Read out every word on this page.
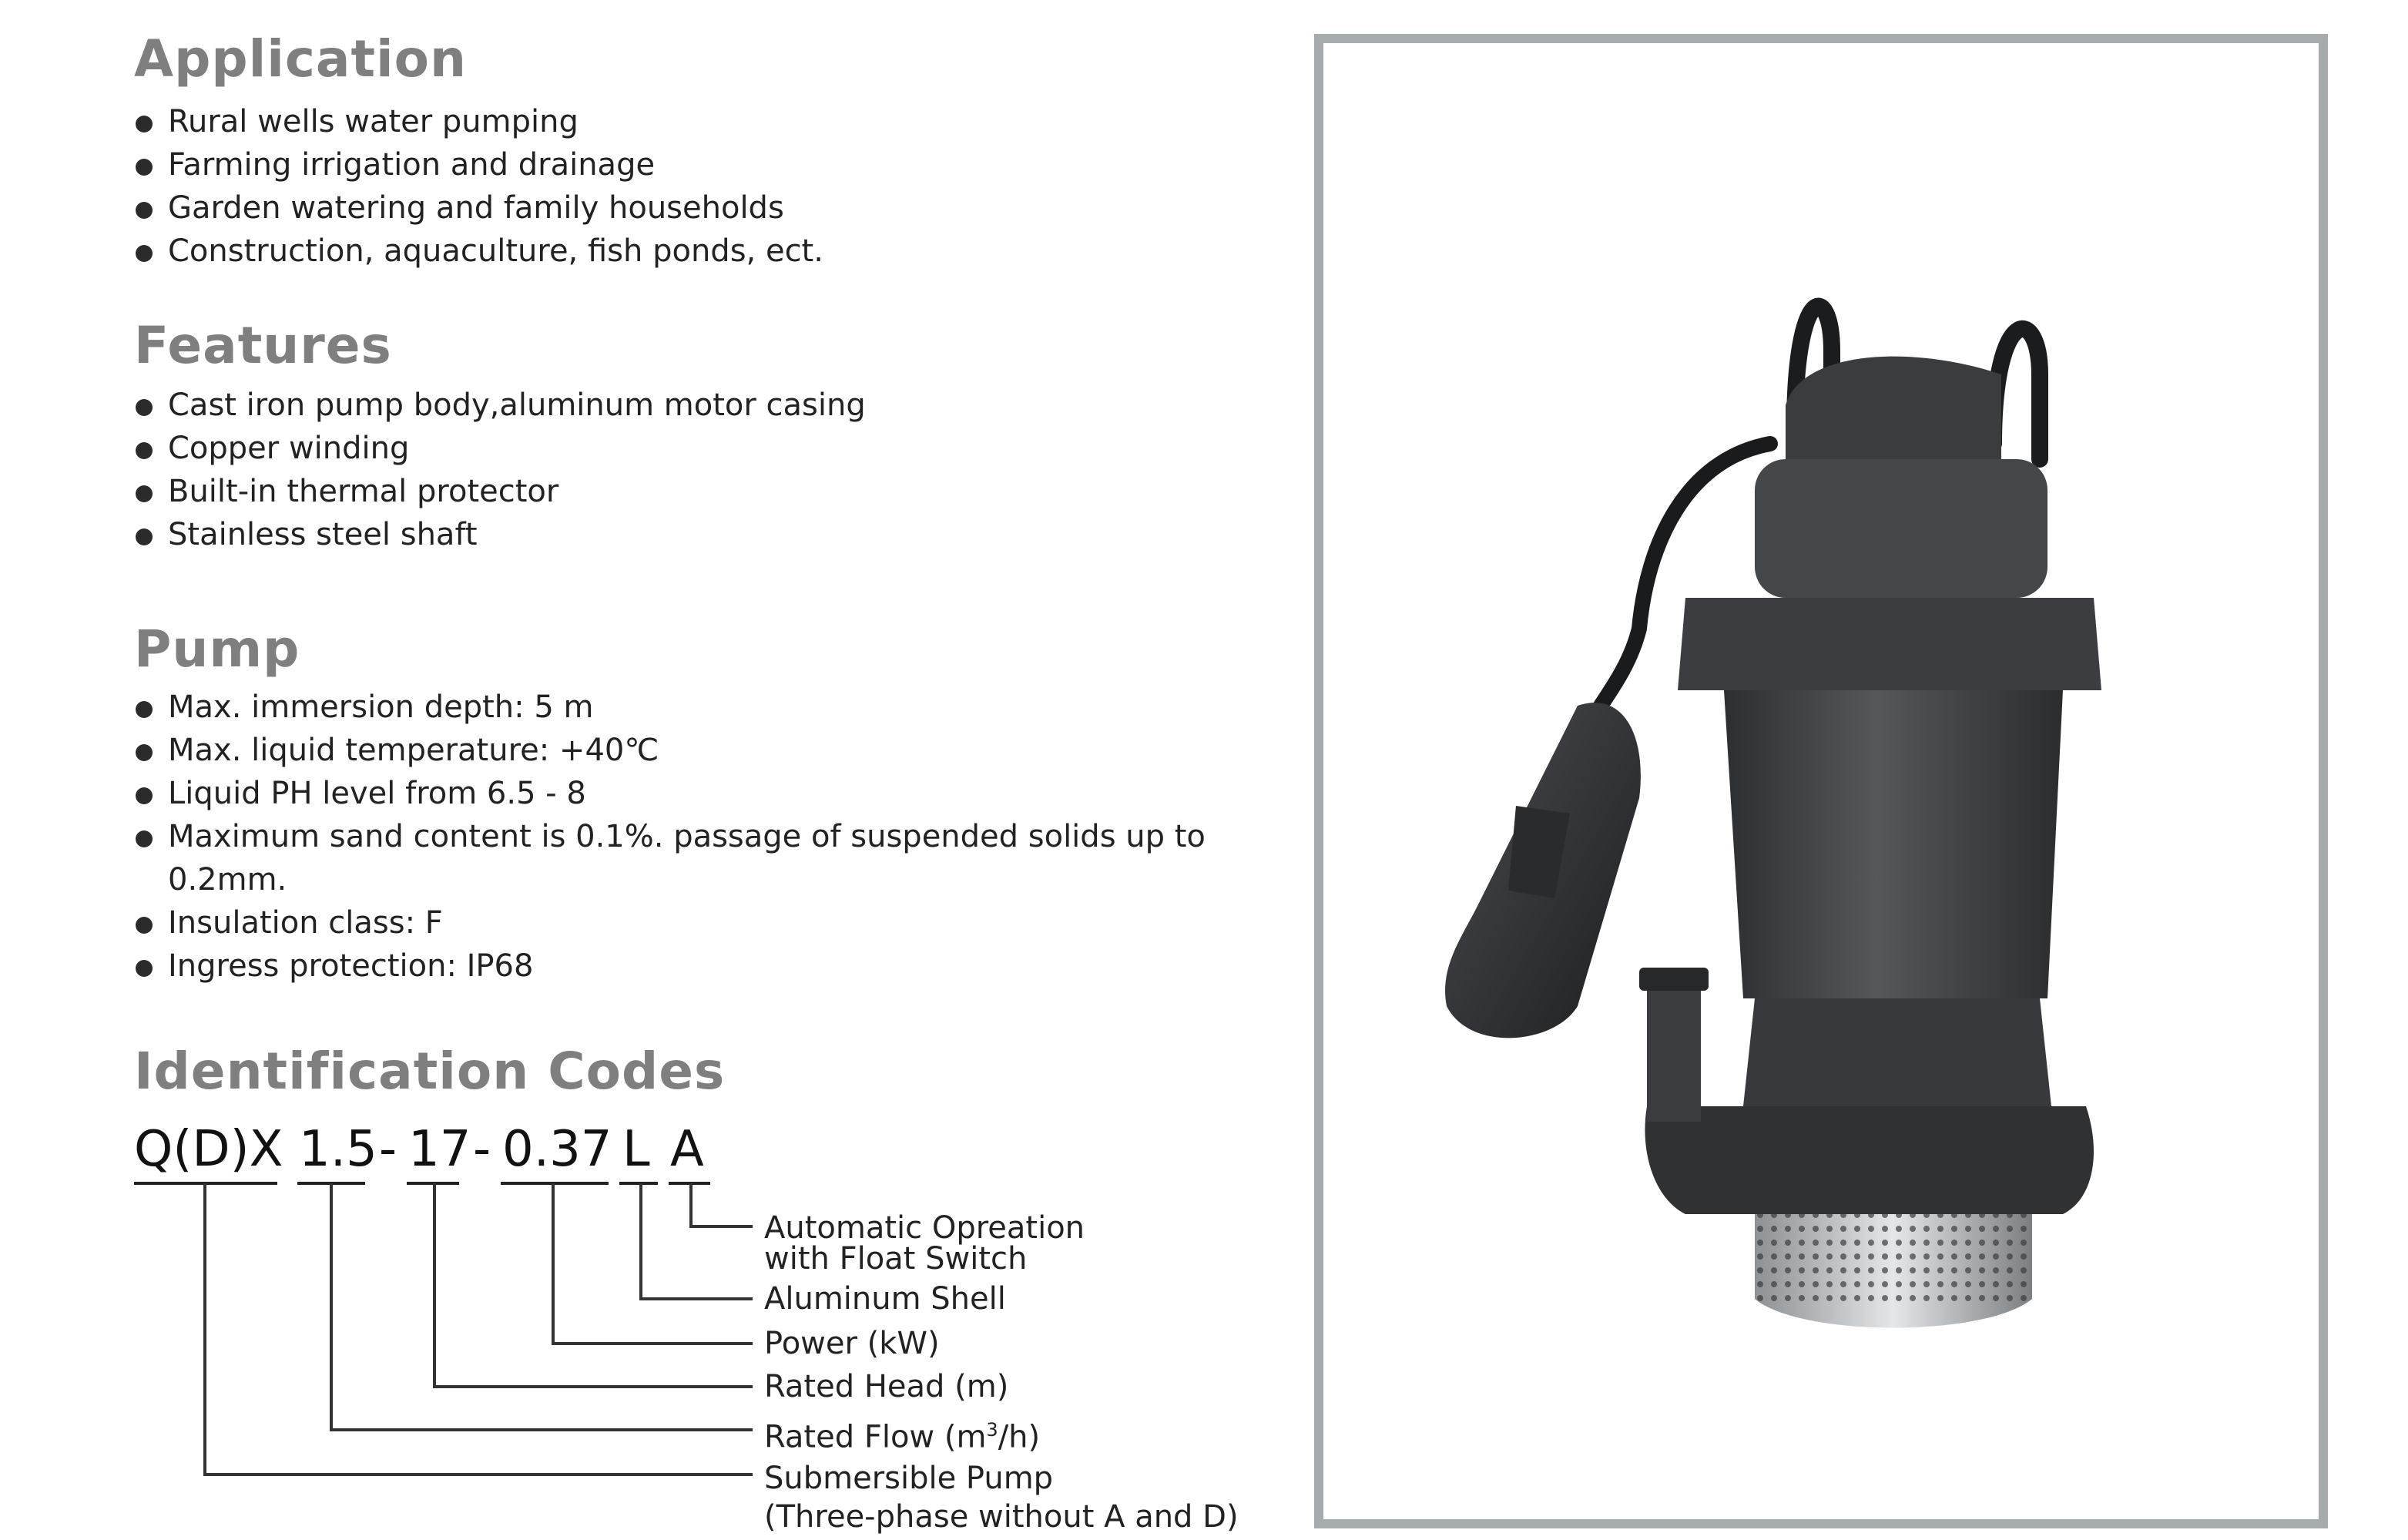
Application
Rural wells water pumping
Farming irrigation and drainage
Garden watering and family households
Construction, aquaculture, fish ponds, ect.
Features
Cast iron pump body,aluminum motor casing
Copper winding
Built-in thermal protector
Stainless steel shaft
Pump
Max. immersion depth: 5 m
Max. liquid temperature: +40℃
Liquid PH level from 6.5 - 8
Maximum sand content is 0.1%. passage of suspended solids up to 0.2mm.
Insulation class: F
Ingress protection: IP68
Identification Codes
Q(D)X 1.5 - 17 - 0.37 L A
Automatic Opreation
with Float Switch
Aluminum Shell
Power (kW)
Rated Head (m)
Rated Flow $(m^3/h)$
Submersible Pump
(Three-phase without A and D)
